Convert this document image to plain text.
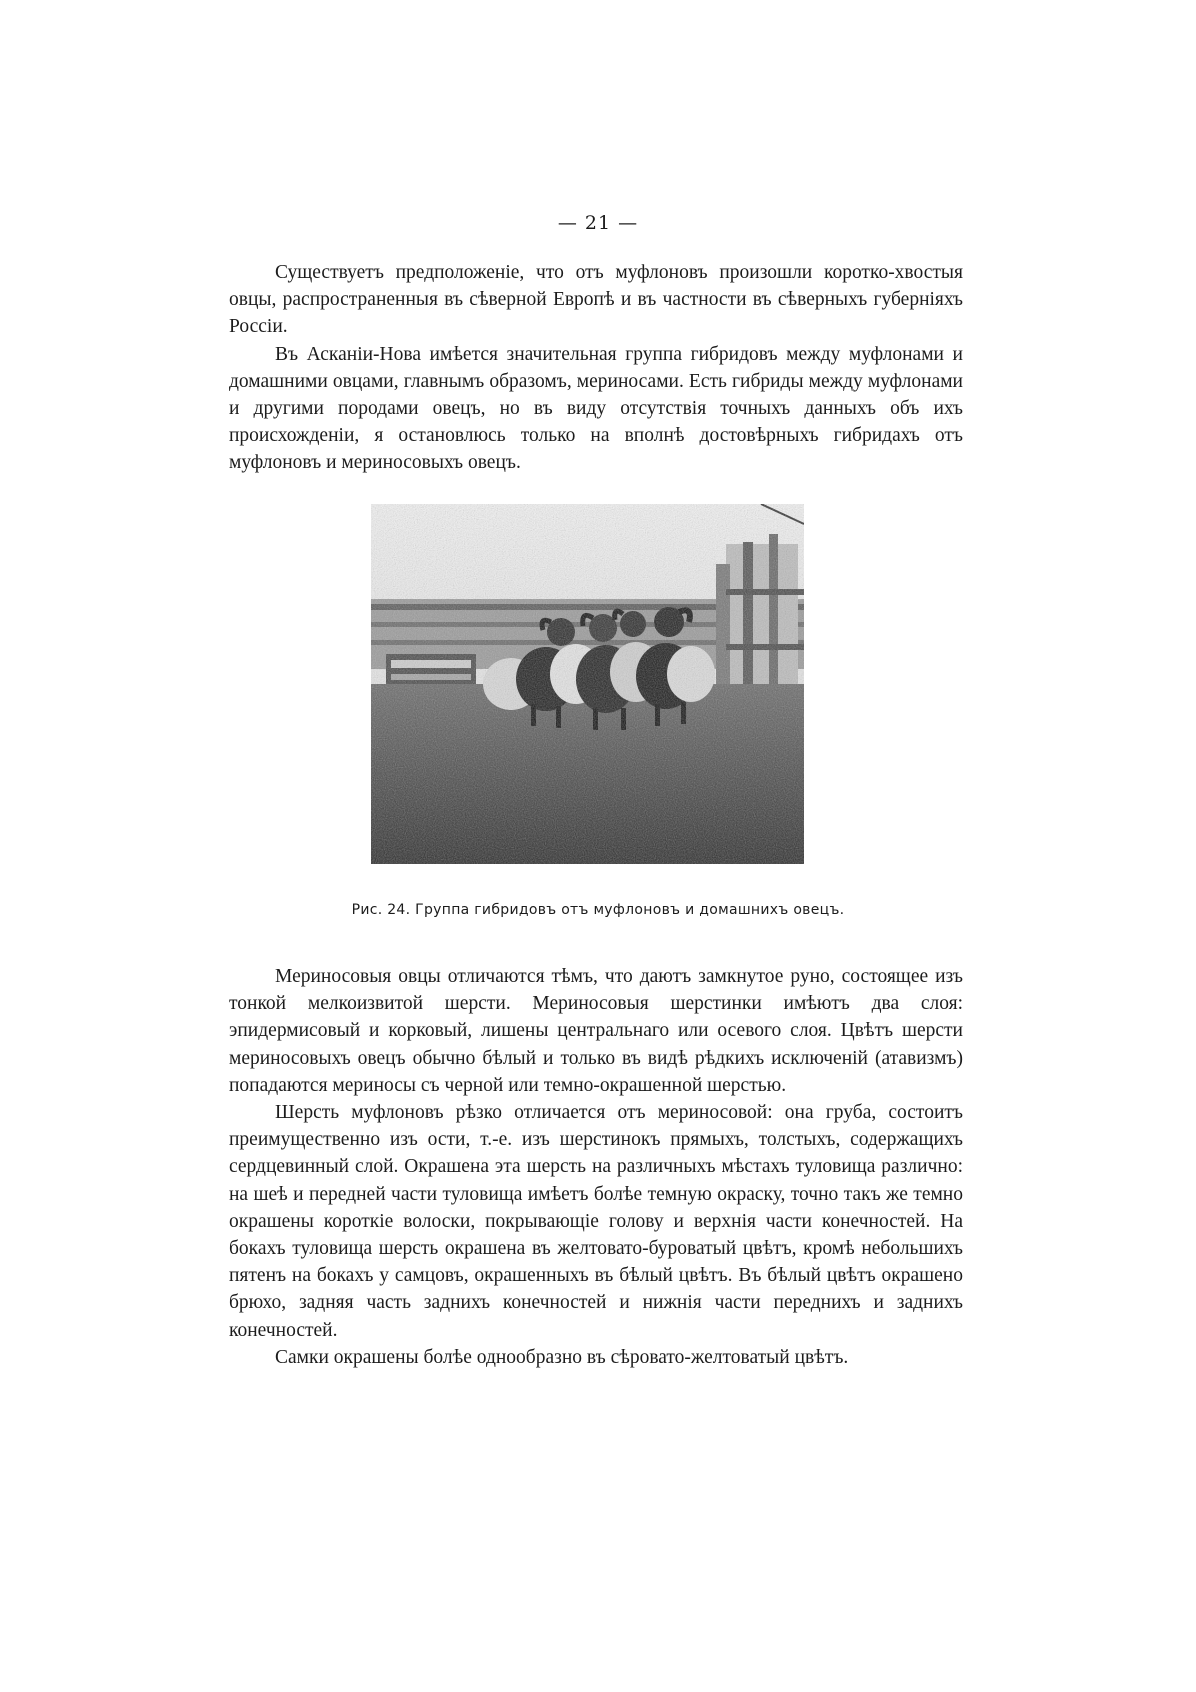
— 21 —

Существуетъ предположенiе, что отъ муфлоновъ произошли коротко-хвостыя овцы, распространенныя въ сѣверной Европѣ и въ частности въ сѣверныхъ губернiяхъ Россiи.

Въ Асканiи-Нова имѣется значительная группа гибридовъ между муфлонами и домашними овцами, главнымъ образомъ, мериносами. Есть гибриды между муфлонами и другими породами овецъ, но въ виду отсутствiя точныхъ данныхъ объ ихъ происхожденiи, я остановлюсь только на вполнѣ достовѣрныхъ гибридахъ отъ муфлоновъ и мериносовыхъ овецъ.

Рис. 24. Группа гибридовъ отъ муфлоновъ и домашнихъ овецъ.

Мериносовыя овцы отличаются тѣмъ, что даютъ замкнутое руно, состоящее изъ тонкой мелкоизвитой шерсти. Мериносовыя шерстинки имѣютъ два слоя: эпидермисовый и корковый, лишены центральнаго или осевого слоя. Цвѣтъ шерсти мериносовыхъ овецъ обычно бѣлый и только въ видѣ рѣдкихъ исключенiй (атавизмъ) попадаются мериносы съ черной или темно-окрашенной шерстью.

Шерсть муфлоновъ рѣзко отличается отъ мериносовой: она груба, состоитъ преимущественно изъ ости, т.-е. изъ шерстинокъ прямыхъ, толстыхъ, содержащихъ сердцевинный слой. Окрашена эта шерсть на различныхъ мѣстахъ туловища различно: на шеѣ и передней части туловища имѣетъ болѣе темную окраску, точно такъ же темно окрашены короткiе волоски, покрывающiе голову и верхнiя части конечностей. На бокахъ туловища шерсть окрашена въ желтовато-буроватый цвѣтъ, кромѣ небольшихъ пятенъ на бокахъ у самцовъ, окрашенныхъ въ бѣлый цвѣтъ. Въ бѣлый цвѣтъ окрашено брюхо, задняя часть заднихъ конечностей и нижнiя части переднихъ и заднихъ конечностей.

Самки окрашены болѣе однообразно въ сѣровато-желтоватый цвѣтъ.
